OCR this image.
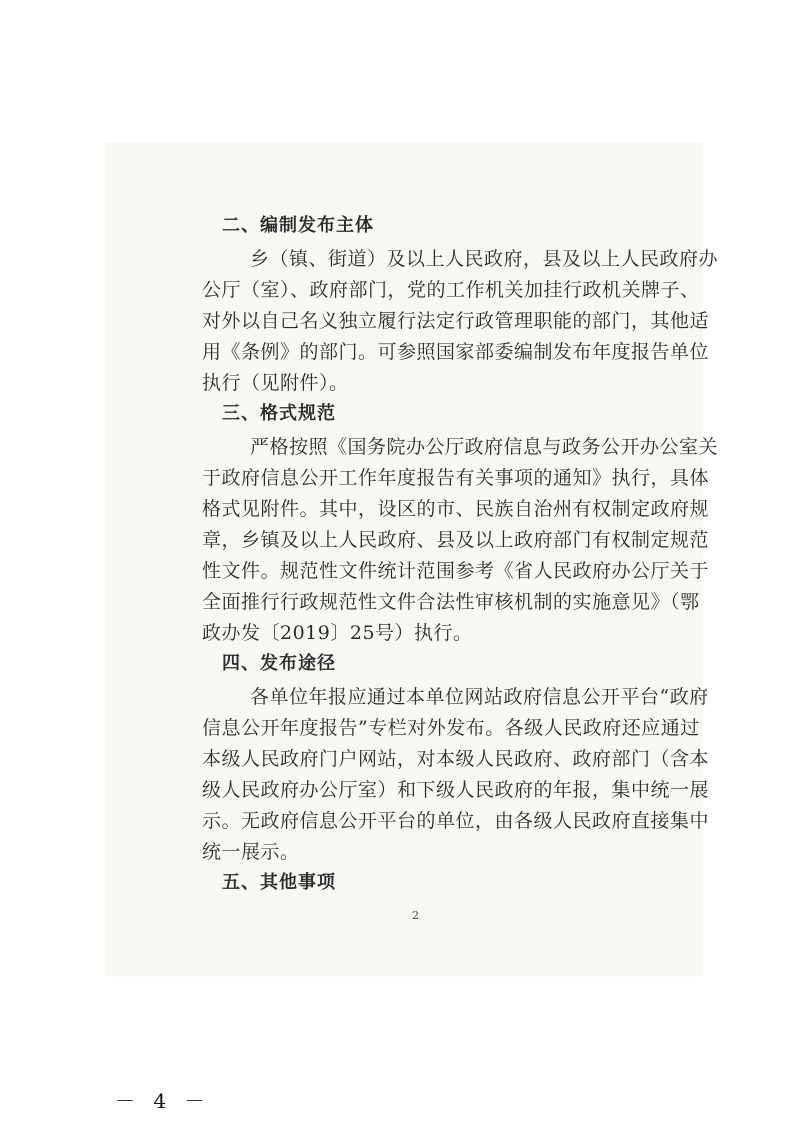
二、编制发布主体
乡（镇、街道）及以上人民政府，县及以上人民政府办
公厅（室）、政府部门，党的工作机关加挂行政机关牌子、
对外以自己名义独立履行法定行政管理职能的部门，其他适
用《条例》的部门。可参照国家部委编制发布年度报告单位
执行（见附件）。
三、格式规范
严格按照《国务院办公厅政府信息与政务公开办公室关
于政府信息公开工作年度报告有关事项的通知》执行，具体
格式见附件。其中，设区的市、民族自治州有权制定政府规
章，乡镇及以上人民政府、县及以上政府部门有权制定规范
性文件。规范性文件统计范围参考《省人民政府办公厅关于
全面推行行政规范性文件合法性审核机制的实施意见》（鄂
政办发〔2019〕25号）执行。
四、发布途径
各单位年报应通过本单位网站政府信息公开平台“政府
信息公开年度报告”专栏对外发布。各级人民政府还应通过
本级人民政府门户网站，对本级人民政府、政府部门（含本
级人民政府办公厅室）和下级人民政府的年报，集中统一展
示。无政府信息公开平台的单位，由各级人民政府直接集中
统一展示。
五、其他事项
2
－ 4 －
